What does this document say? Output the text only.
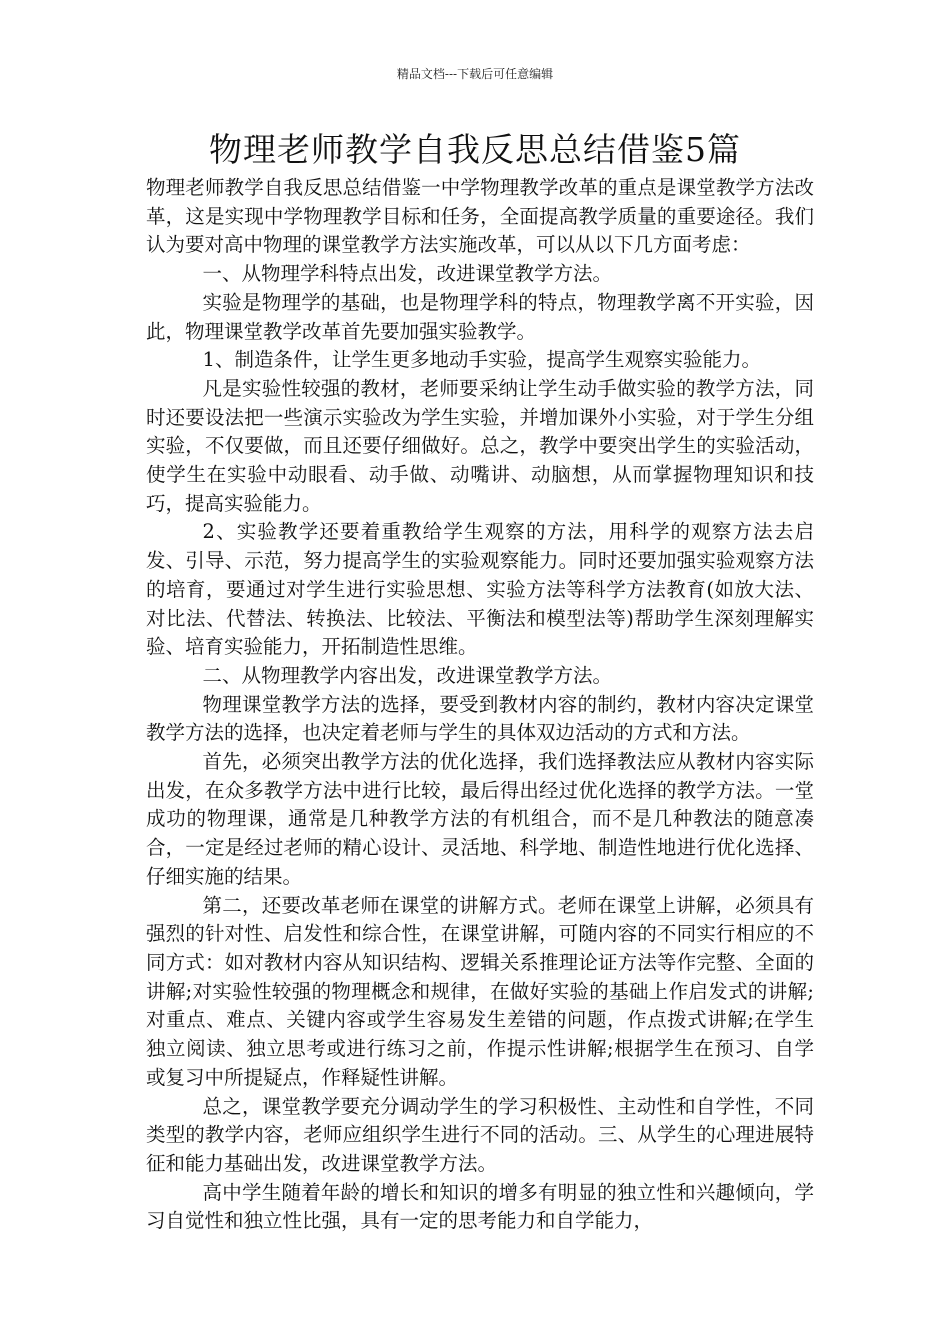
精品文档---下载后可任意编辑
物理老师教学自我反思总结借鉴5篇

物理老师教学自我反思总结借鉴一中学物理教学改革的重点是课堂教学方法改革，这是实现中学物理教学目标和任务，全面提高教学质量的重要途径。我们认为要对高中物理的课堂教学方法实施改革，可以从以下几方面考虑：

一、从物理学科特点出发，改进课堂教学方法。

实验是物理学的基础，也是物理学科的特点，物理教学离不开实验，因此，物理课堂教学改革首先要加强实验教学。

1、制造条件，让学生更多地动手实验，提高学生观察实验能力。

凡是实验性较强的教材，老师要采纳让学生动手做实验的教学方法，同时还要设法把一些演示实验改为学生实验，并增加课外小实验，对于学生分组实验，不仅要做，而且还要仔细做好。总之，教学中要突出学生的实验活动，使学生在实验中动眼看、动手做、动嘴讲、动脑想，从而掌握物理知识和技巧，提高实验能力。

2、实验教学还要着重教给学生观察的方法，用科学的观察方法去启发、引导、示范，努力提高学生的实验观察能力。同时还要加强实验观察方法的培育，要通过对学生进行实验思想、实验方法等科学方法教育(如放大法、对比法、代替法、转换法、比较法、平衡法和模型法等)帮助学生深刻理解实验、培育实验能力，开拓制造性思维。

二、从物理教学内容出发，改进课堂教学方法。

物理课堂教学方法的选择，要受到教材内容的制约，教材内容决定课堂教学方法的选择，也决定着老师与学生的具体双边活动的方式和方法。

首先，必须突出教学方法的优化选择，我们选择教法应从教材内容实际出发，在众多教学方法中进行比较，最后得出经过优化选择的教学方法。一堂成功的物理课，通常是几种教学方法的有机组合，而不是几种教法的随意凑合，一定是经过老师的精心设计、灵活地、科学地、制造性地进行优化选择、仔细实施的结果。

第二，还要改革老师在课堂的讲解方式。老师在课堂上讲解，必须具有强烈的针对性、启发性和综合性，在课堂讲解，可随内容的不同实行相应的不同方式：如对教材内容从知识结构、逻辑关系推理论证方法等作完整、全面的讲解;对实验性较强的物理概念和规律，在做好实验的基础上作启发式的讲解;对重点、难点、关键内容或学生容易发生差错的问题，作点拨式讲解;在学生独立阅读、独立思考或进行练习之前，作提示性讲解;根据学生在预习、自学或复习中所提疑点，作释疑性讲解。

总之，课堂教学要充分调动学生的学习积极性、主动性和自学性，不同类型的教学内容，老师应组织学生进行不同的活动。三、从学生的心理进展特征和能力基础出发，改进课堂教学方法。

高中学生随着年龄的增长和知识的增多有明显的独立性和兴趣倾向，学习自觉性和独立性比强，具有一定的思考能力和自学能力，
